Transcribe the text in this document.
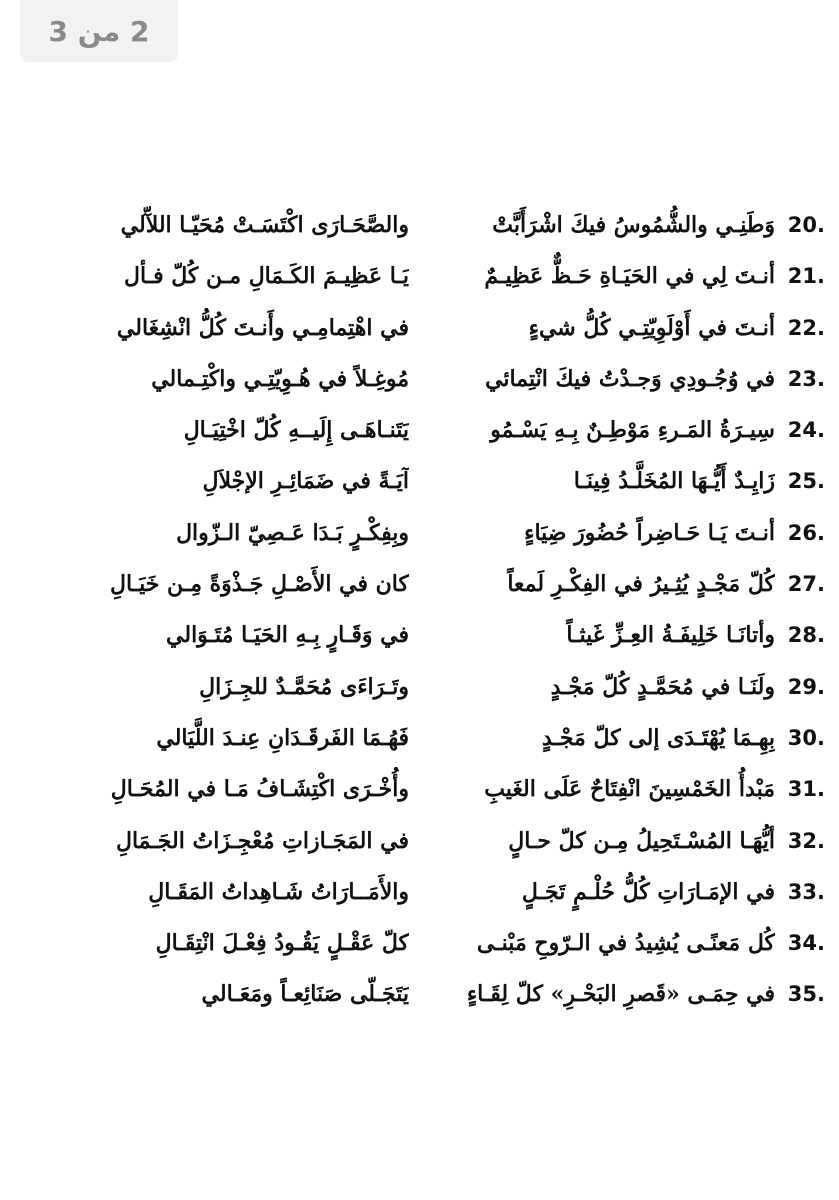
2 من 3
20.
وَطَنِـي والشُّمُوسُ فيكَ اشْرَأَبَّتْ
والصَّحَـارَى اكْتَسَـتْ مُحَيّـا اللآّلي
21.
أنـتَ لِي في الحَيَـاةِ حَـظٌّ عَظِيـمٌ
يَـا عَظِيـمَ الكَـمَالِ مـن كُلّ فـأل
22.
أنـتَ في أَوْلَوِيّتِـي كُلُّ شيءٍ
في اهْتِمامِـي وأَنـتَ كُلُّ انْشِغَالي
23.
في وُجُـودِي وَجـدْتُ فيكَ انْتِمائي
مُوغِـلاً في هُـوِيّتِـي واكْتِـمالي
24.
سِيـرَةُ المَـرءِ مَوْطِـنٌ بِـهِ يَسْـمُو
يَتَنـاهَـى إِلَيــهِ كُلّ اخْتِيَـالِ
25.
زَايِـدٌ أَيُّـهَا المُخَلَّـدُ فِينَـا
آيَـةً في ضَمَائِـرِ الإجْلاَلِ
26.
أنـتَ يَـا حَـاضِراً حُضُورَ ضِيَاءٍ
وبِفِكْـرٍ بَـدَا عَـصِيّ الـزّوال
27.
كُلّ مَجْـدٍ يُثِـيرُ في الفِكْـرِ لَمعاً
كان في الأَصْـلِ جَـذْوَةً مِـن خَيَـالِ
28.
وأتانَـا خَلِيفَـةُ العِـزِّ غَيثـاً
في وَقَـارٍ بِـهِ الحَيَـا مُتَـوَالي
29.
ولَنَـا في مُحَمَّـدٍ كُلّ مَجْـدٍ
وتَـرَاءَى مُحَمَّـدٌ للجِـزَالِ
30.
بِهِـمَا يُهْتَـدَى إلى كلّ مَجْـدٍ
فَهُـمَا الفَرقَـدَانِ عِنـدَ اللَّيَالي
31.
مَبْدأُ الخَمْسِينَ انْفِتَاحٌ عَلَى الغَيبِ
وأُخْـرَى اكْتِشَـافُ مَـا في المُحَـالِ
32.
أيُّهَـا المُسْـتَحِيلُ مِـن كلّ حـالٍ
في المَجَـازاتِ مُعْجِـزَاتُ الجَـمَالِ
33.
في الإمَـارَاتِ كُلُّ حُلْـمٍ تَجَـلٍ
والأَمَــارَاتُ شَـاهِداتُ المَقَـالِ
34.
كُل مَعنًـى يُشِيدُ في الـرّوحِ مَبْنـى
كلّ عَقْـلٍ يَقُـودُ فِعْـلَ انْتِقَـالِ
35.
في حِمَـى «قَصرِ البَحْـرِ» كلّ لِقَـاءٍ
يَتَجَـلّى صَنَائِعـاً ومَعَـالي
